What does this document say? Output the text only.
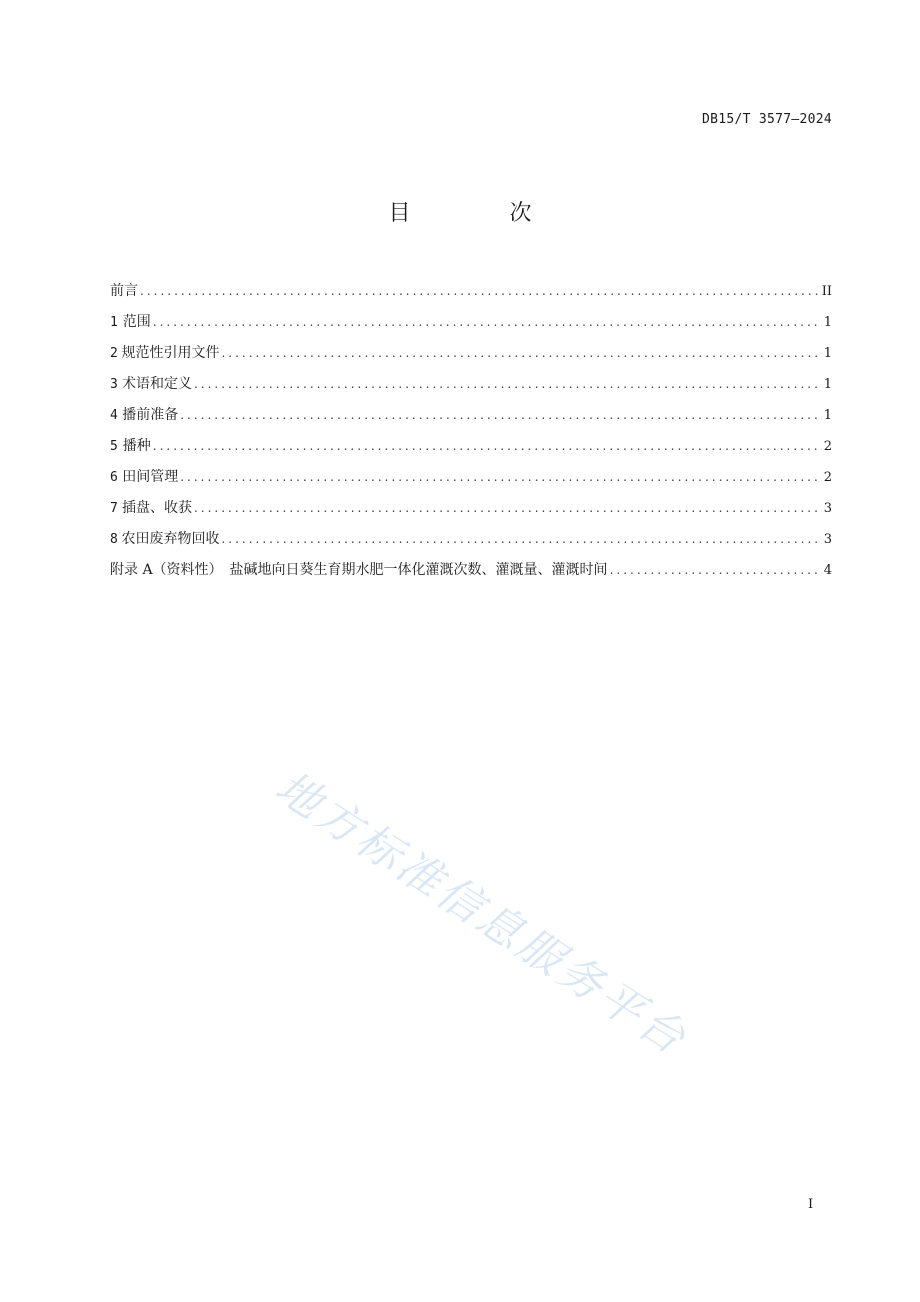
DB15/T 3577—2024
目 次
前言 .....	II
1 范围 .....	1
2 规范性引用文件 .....	1
3 术语和定义 .....	1
4 播前准备 .....	1
5 播种 .....	2
6 田间管理 .....	2
7 插盘、收获 .....	3
8 农田废弃物回收 .....	3
附录 A（资料性）　盐碱地向日葵生育期水肥一体化灌溉次数、灌溉量、灌溉时间 .....	4
地方标准信息服务平台
I
